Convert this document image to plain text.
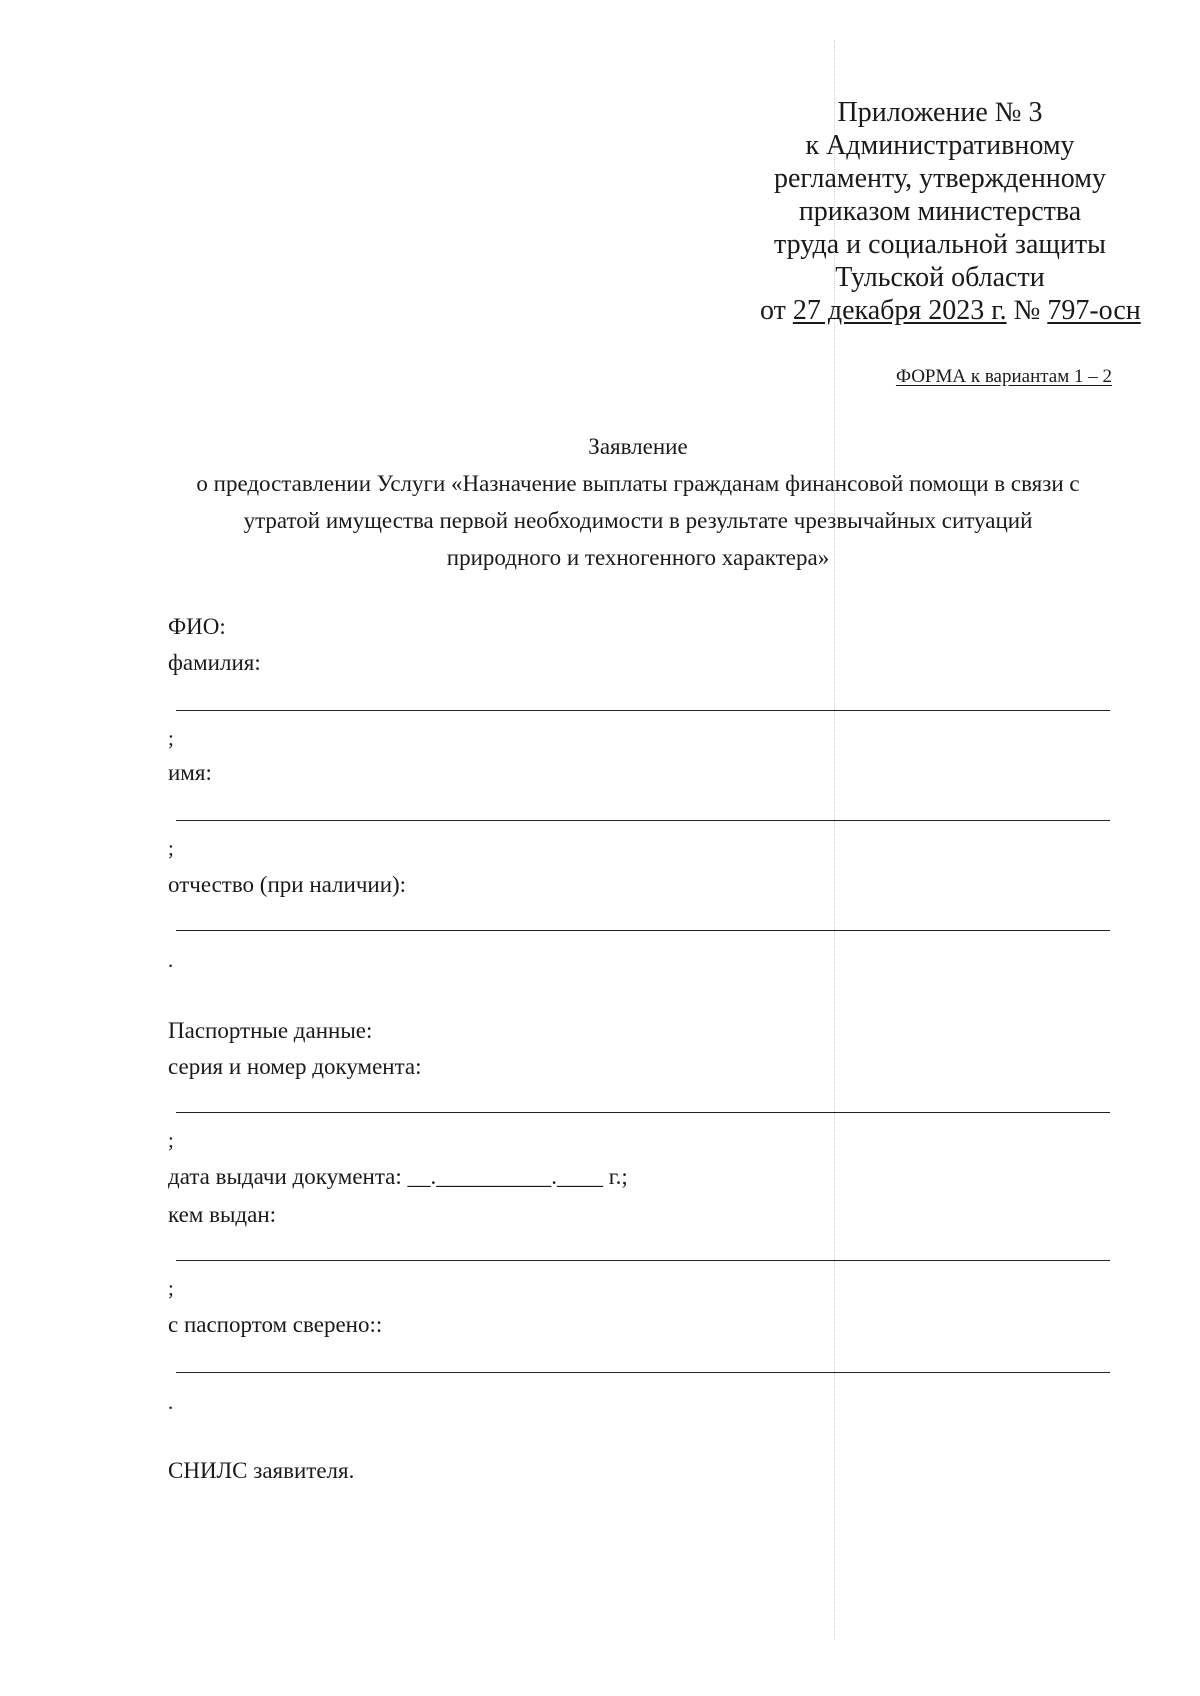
Приложение № 3
к Административному
регламенту, утвержденному
приказом министерства
труда и социальной защиты
Тульской области
от 27 декабря 2023 г. № 797-осн
ФОРМА к вариантам 1 – 2
Заявление
о предоставлении Услуги «Назначение выплаты гражданам финансовой помощи в связи с
утратой имущества первой необходимости в результате чрезвычайных ситуаций
природного и техногенного характера»
ФИО:
фамилия:
;
имя:
;
отчество (при наличии):
.
Паспортные данные:
серия и номер документа:
;
дата выдачи документа: __.__________.____ г.;
кем выдан:
;
с паспортом сверено::
.
СНИЛС заявителя.
